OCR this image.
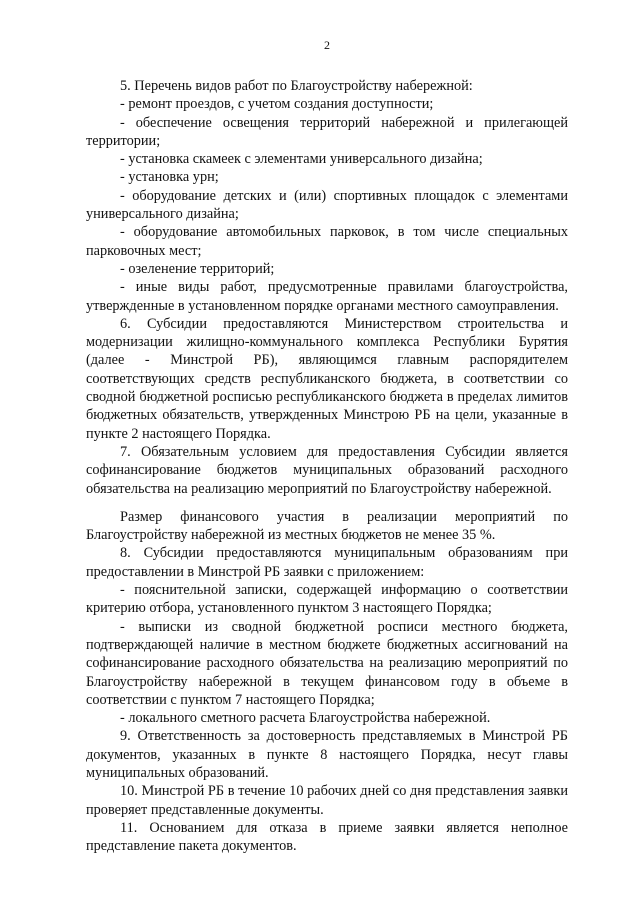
2

5. Перечень видов работ по Благоустройству набережной:

- ремонт проездов, с учетом создания доступности;

- обеспечение освещения территорий набережной и прилегающей территории;

- установка скамеек с элементами универсального дизайна;

- установка урн;

- оборудование детских и (или) спортивных площадок с элементами универсального дизайна;

- оборудование автомобильных парковок, в том числе специальных парковочных мест;

- озеленение территорий;

- иные виды работ, предусмотренные правилами благоустройства, утвержденные в установленном порядке органами местного самоуправления.

6. Субсидии предоставляются Министерством строительства и модернизации жилищно-коммунального комплекса Республики Бурятия (далее - Минстрой РБ), являющимся главным распорядителем соответствующих средств республиканского бюджета, в соответствии со сводной бюджетной росписью республиканского бюджета в пределах лимитов бюджетных обязательств, утвержденных Минстрою РБ на цели, указанные в пункте 2 настоящего Порядка.

7. Обязательным условием для предоставления Субсидии является софинансирование бюджетов муниципальных образований расходного обязательства на реализацию мероприятий по Благоустройству набережной.

Размер финансового участия в реализации мероприятий по Благоустройству набережной из местных бюджетов не менее 35 %.

8. Субсидии предоставляются муниципальным образованиям при предоставлении в Минстрой РБ заявки с приложением:

- пояснительной записки, содержащей информацию о соответствии критерию отбора, установленного пунктом 3 настоящего Порядка;

- выписки из сводной бюджетной росписи местного бюджета, подтверждающей наличие в местном бюджете бюджетных ассигнований на софинансирование расходного обязательства на реализацию мероприятий по Благоустройству набережной в текущем финансовом году в объеме в соответствии с пунктом 7 настоящего Порядка;

- локального сметного расчета Благоустройства набережной.

9. Ответственность за достоверность представляемых в Минстрой РБ документов, указанных в пункте 8 настоящего Порядка, несут главы муниципальных образований.

10. Минстрой РБ в течение 10 рабочих дней со дня представления заявки проверяет представленные документы.

11. Основанием для отказа в приеме заявки является неполное представление пакета документов.
